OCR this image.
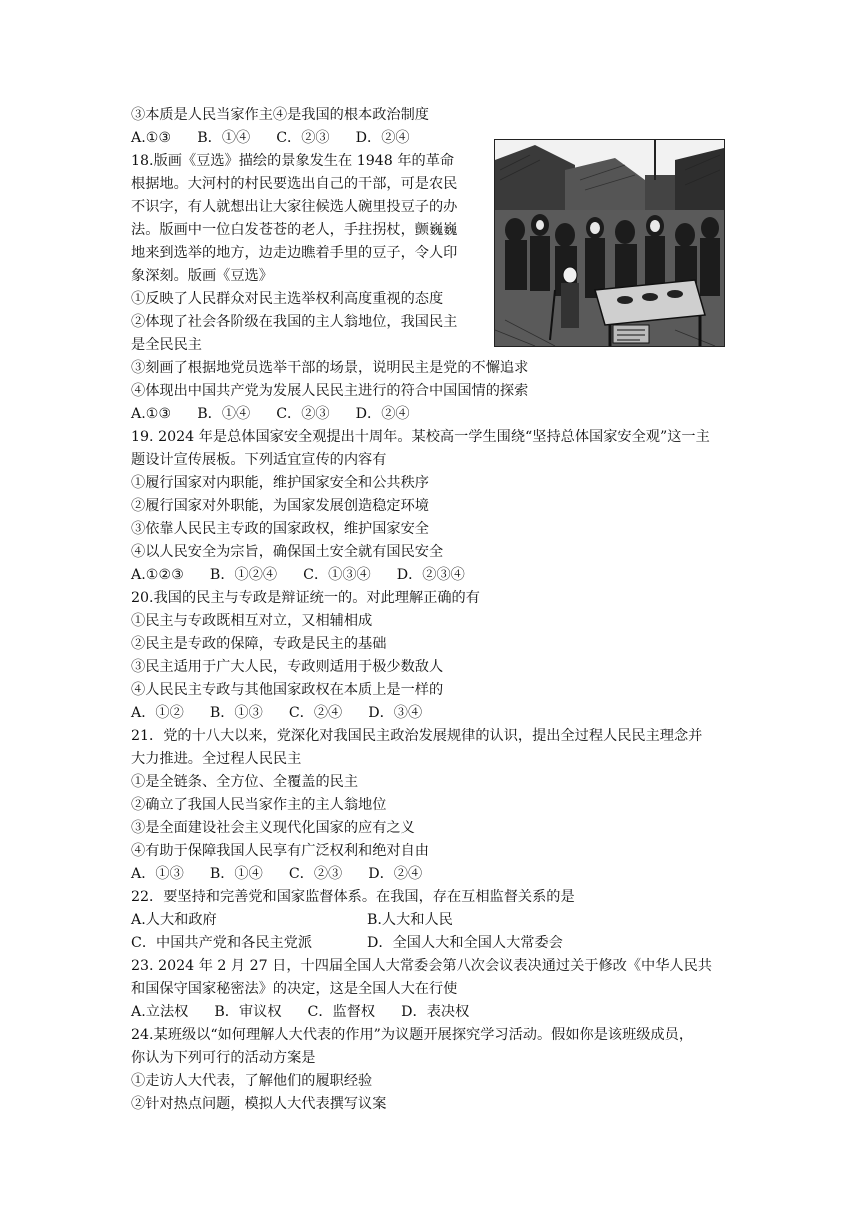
③本质是人民当家作主④是我国的根本政治制度
A.①③ B．①④ C．②③ D．②④
18.版画《豆选》描绘的景象发生在 1948 年的革命
根据地。大河村的村民要选出自己的干部，可是农民
不识字，有人就想出让大家往候选人碗里投豆子的办
法。版画中一位白发苍苍的老人，手拄拐杖，颤巍巍
地来到选举的地方，边走边瞧着手里的豆子，令人印
象深刻。版画《豆选》
①反映了人民群众对民主选举权利高度重视的态度
②体现了社会各阶级在我国的主人翁地位，我国民主
是全民民主
③刻画了根据地党员选举干部的场景，说明民主是党的不懈追求
④体现出中国共产党为发展人民民主进行的符合中国国情的探索
A.①③ B．①④ C．②③ D．②④
19. 2024 年是总体国家安全观提出十周年。某校高一学生围绕“坚持总体国家安全观”这一主
题设计宣传展板。下列适宜宣传的内容有
①履行国家对内职能，维护国家安全和公共秩序
②履行国家对外职能，为国家发展创造稳定环境
③依靠人民民主专政的国家政权，维护国家安全
④以人民安全为宗旨，确保国土安全就有国民安全
A.①②③ B．①②④ C．①③④ D．②③④
20.我国的民主与专政是辩证统一的。对此理解正确的有
①民主与专政既相互对立，又相辅相成
②民主是专政的保障，专政是民主的基础
③民主适用于广大人民，专政则适用于极少数敌人
④人民民主专政与其他国家政权在本质上是一样的
A．①② B．①③ C．②④ D．③④
21．党的十八大以来，党深化对我国民主政治发展规律的认识，提出全过程人民民主理念并
大力推进。全过程人民民主
①是全链条、全方位、全覆盖的民主
②确立了我国人民当家作主的主人翁地位
③是全面建设社会主义现代化国家的应有之义
④有助于保障我国人民享有广泛权利和绝对自由
A．①③ B．①④ C．②③ D．②④
22．要坚持和完善党和国家监督体系。在我国，存在互相监督关系的是
A.人大和政府	B.人大和人民
C．中国共产党和各民主党派	D．全国人大和全国人大常委会
23. 2024 年 2 月 27 日，十四届全国人大常委会第八次会议表决通过关于修改《中华人民共
和国保守国家秘密法》的决定，这是全国人大在行使
A.立法权 B．审议权 C．监督权 D．表决权
24.某班级以“如何理解人大代表的作用”为议题开展探究学习活动。假如你是该班级成员，
你认为下列可行的活动方案是
①走访人大代表，了解他们的履职经验
②针对热点问题，模拟人大代表撰写议案
